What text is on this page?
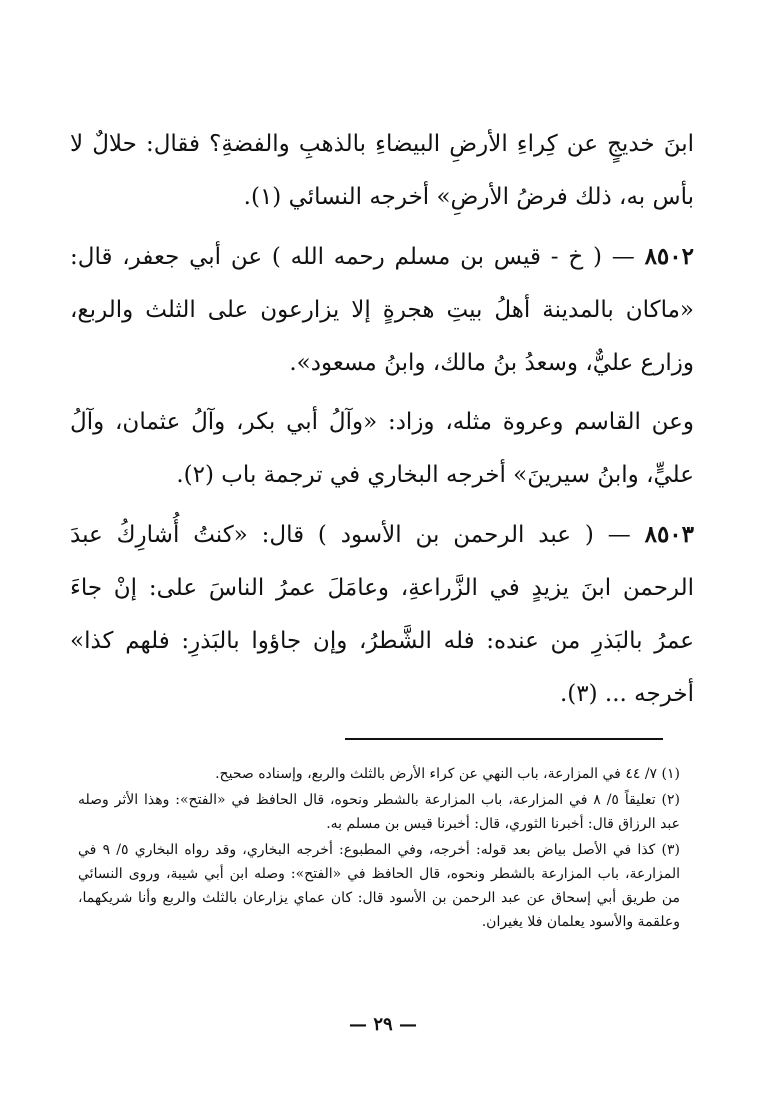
ابنَ خديجٍ عن كِراءِ الأرضِ البيضاءِ بالذهبِ والفضةِ؟ فقال: حلالٌ لا بأس به، ذلك فرضُ الأرضِ» أخرجه النسائي (١).

٨٥٠٢ — ( خ - قيس بن مسلم رحمه الله ) عن أبي جعفر، قال: «ماكان بالمدينة أهلُ بيتِ هجرةٍ إلا يزارعون على الثلث والربع، وزارع عليٌّ، وسعدُ بنُ مالك، وابنُ مسعود».

وعن القاسم وعروة مثله، وزاد: «وآلُ أبي بكر، وآلُ عثمان، وآلُ عليٍّ، وابنُ سيرينَ» أخرجه البخاري في ترجمة باب (٢).

٨٥٠٣ — ( عبد الرحمن بن الأسود ) قال: «كنتُ أُشارِكُ عبدَ الرحمن ابنَ يزيدٍ في الزَّراعةِ، وعامَلَ عمرُ الناسَ على: إنْ جاءَ عمرُ بالبَذرِ من عنده: فله الشَّطرُ، وإن جاؤوا بالبَذرِ: فلهم كذا» أخرجه ... (٣).

(١) ٧/ ٤٤ في المزارعة، باب النهي عن كراء الأرض بالثلث والربع، وإسناده صحيح.

(٢) تعليقاً ٥/ ٨ في المزارعة، باب المزارعة بالشطر ونحوه، قال الحافظ في «الفتح»: وهذا الأثر وصله عبد الرزاق قال: أخبرنا الثوري، قال: أخبرنا قيس بن مسلم به.

(٣) كذا في الأصل بياض بعد قوله: أخرجه، وفي المطبوع: أخرجه البخاري، وقد رواه البخاري ٥/ ٩ في المزارعة، باب المزارعة بالشطر ونحوه، قال الحافظ في «الفتح»: وصله ابن أبي شيبة، وروى النسائي من طريق أبي إسحاق عن عبد الرحمن بن الأسود قال: كان عماي يزارعان بالثلث والربع وأنا شريكهما، وعلقمة والأسود يعلمان فلا يغيران.

— ٢٩ —
